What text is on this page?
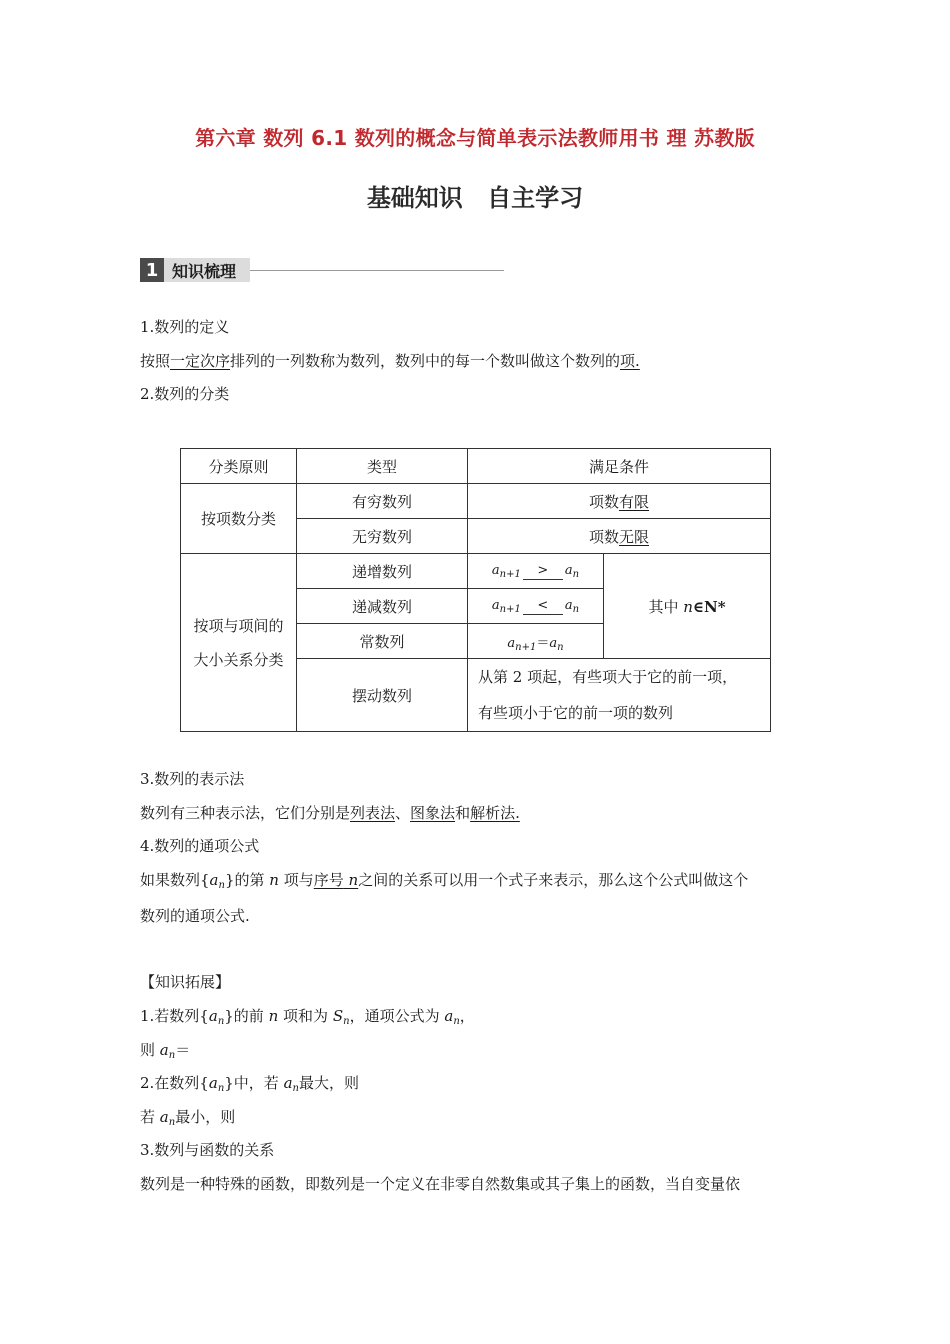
第六章 数列 6.1 数列的概念与简单表示法教师用书 理 苏教版
基础知识 自主学习
1 知识梳理
1.数列的定义
按照一定次序排列的一列数称为数列，数列中的每一个数叫做这个数列的项.
2.数列的分类
分类原则	类型	满足条件	
按项数分类	有穷数列	项数有限	
	无穷数列	项数无限	
按项与项间的大小关系分类	递增数列	$a_{n+1} > a_n$	其中 n∈N*
	递减数列	$a_{n+1} < a_n$
	常数列	$a_{n+1}=a_n$
	摆动数列	从第 2 项起，有些项大于它的前一项，
有些项小于它的前一项的数列	
3.数列的表示法
数列有三种表示法，它们分别是列表法、图象法和解析法.
4.数列的通项公式
如果数列$\{a_n\}$的第 n 项与序号 n之间的关系可以用一个式子来表示，那么这个公式叫做这个
数列的通项公式.
【知识拓展】
1.若数列$\{a_n\}$的前 n 项和为 $S_n$，通项公式为 $a_n$，
则 $a_n=$
2.在数列$\{a_n\}$中，若 $a_n$最大，则
若 $a_n$最小，则
3.数列与函数的关系
数列是一种特殊的函数，即数列是一个定义在非零自然数集或其子集上的函数，当自变量依
